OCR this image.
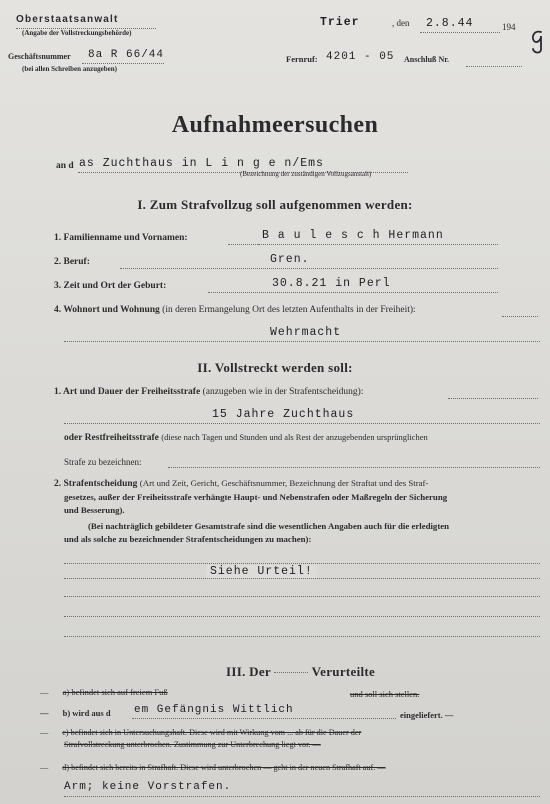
Oberstaatsanwalt
(Angabe der Vollstreckungsbehörde)
Geschäftsnummer 8a R 66/44
(bei allen Schreiben anzugeben)
Trier	, den 2.8.44	194
Fernruf: 4201 - 05 Anschluß Nr.
Aufnahmeersuchen
an d as Zuchthaus in L i n g e n/Ems
(Bezeichnung der zuständigen Vollzugsanstalt)
I. Zum Strafvollzug soll aufgenommen werden:
1. Familienname und Vornamen:	B a u l e s c h Hermann
2. Beruf:	Gren.
3. Zeit und Ort der Geburt:	30.8.21 in Perl
4. Wohnort und Wohnung (in deren Ermangelung Ort des letzten Aufenthalts in der Freiheit):
Wehrmacht
II. Vollstreckt werden soll:
1. Art und Dauer der Freiheitsstrafe (anzugeben wie in der Strafentscheidung):
15 Jahre Zuchthaus
oder Restfreiheitsstrafe (diese nach Tagen und Stunden und als Rest der anzugebenden ursprünglichen
Strafe zu bezeichnen:
2. Strafentscheidung (Art und Zeit, Gericht, Geschäftsnummer, Bezeichnung der Straftat und des Straf-
gesetzes, außer der Freiheitsstrafe verhängte Haupt- und Nebenstrafen oder Maßregeln der Sicherung
und Besserung).
(Bei nachträglich gebildeter Gesamtstrafe sind die wesentlichen Angaben auch für die erledigten
und als solche zu bezeichnender Strafentscheidungen zu machen):
Siehe Urteil!
III. Der	Verurteilte
— a) befindet sich auf freiem Fuß	und soll sich stellen.
— b) wird aus d em Gefängnis Wittlich	eingeliefert. —
— c) befindet sich in Untersuchungshaft. Diese wird mit Wirkung vom ... ab für die Dauer der
Strafvollstreckung unterbrochen. Zustimmung zur Unterbrechung liegt vor. —
— d) befindet sich bereits in Strafhaft. Diese wird unterbrochen — geht in der neuen Strafhaft auf. —
Arm; keine Vorstrafen.
